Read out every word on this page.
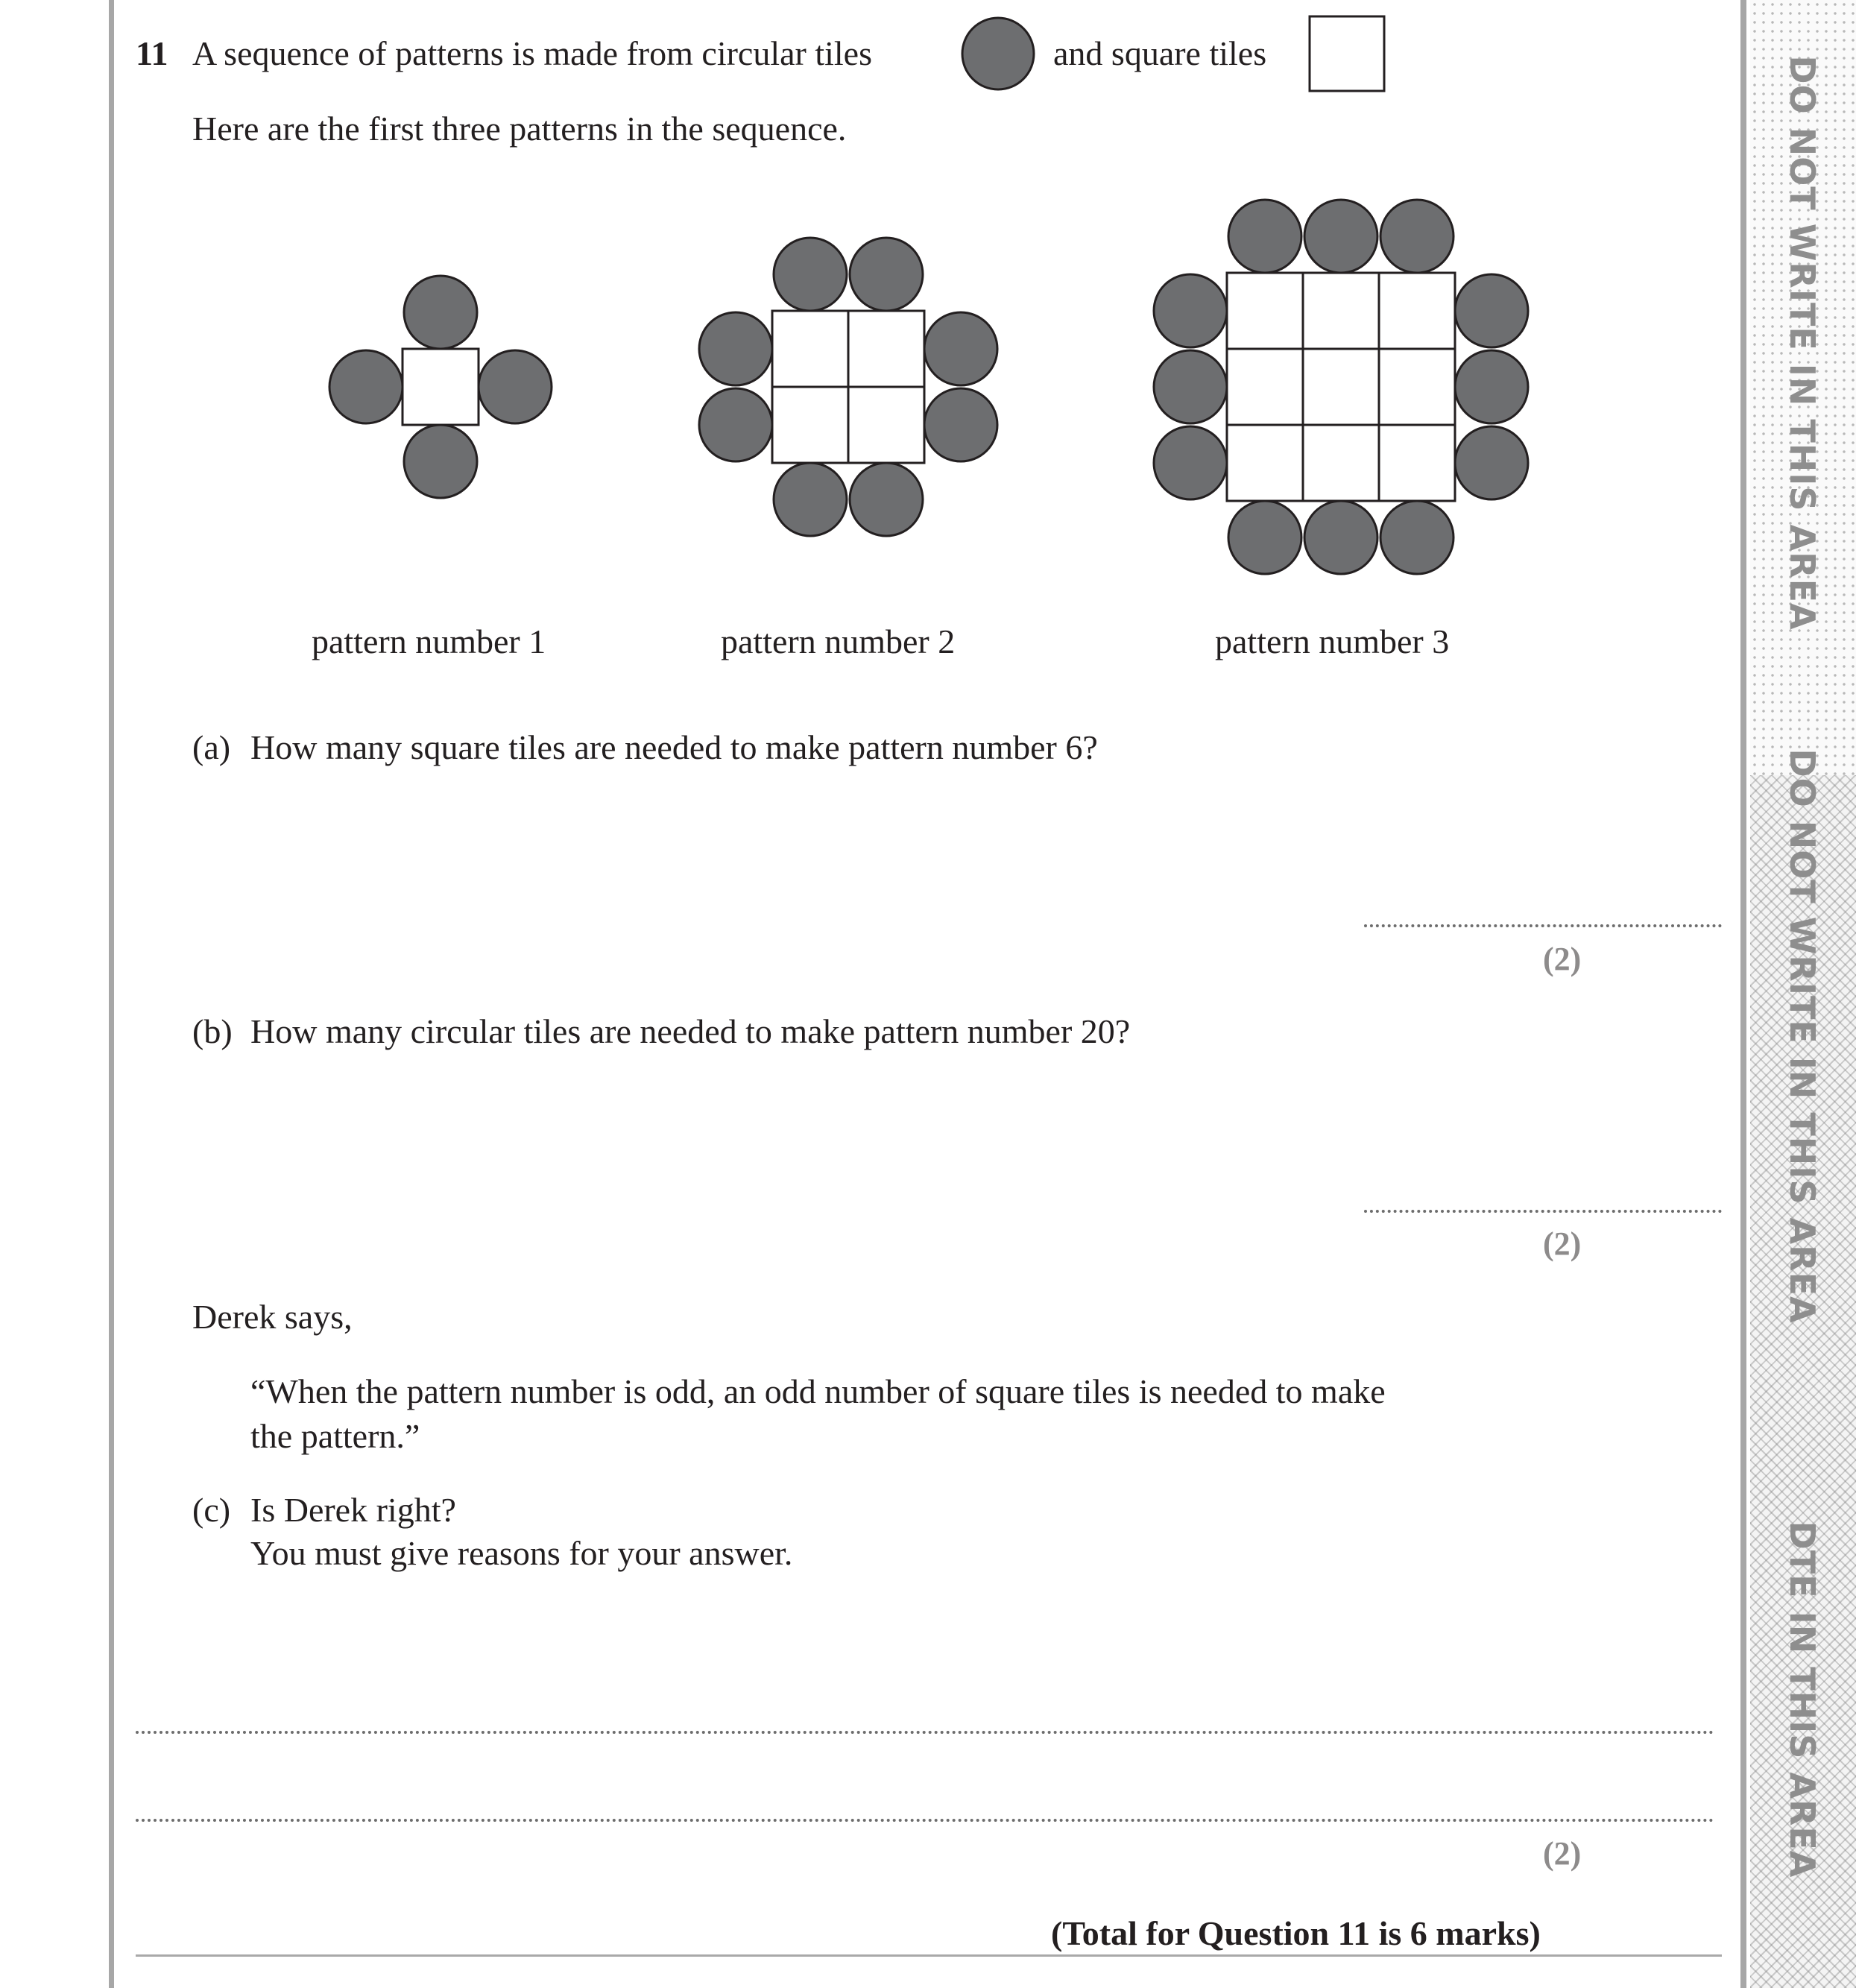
DO NOT WRITE IN THIS AREA
DO NOT WRITE IN THIS AREA
DTE IN THIS AREA
11 A sequence of patterns is made from circular tiles	and square tiles
Here are the first three patterns in the sequence.
pattern number 1	pattern number 2	pattern number 3
(a) How many square tiles are needed to make pattern number 6?
(2)
(b) How many circular tiles are needed to make pattern number 20?
(2)
Derek says,
“When the pattern number is odd, an odd number of square tiles is needed to make
the pattern.”
(c) Is Derek right?
You must give reasons for your answer.
(2)
(Total for Question 11 is 6 marks)
